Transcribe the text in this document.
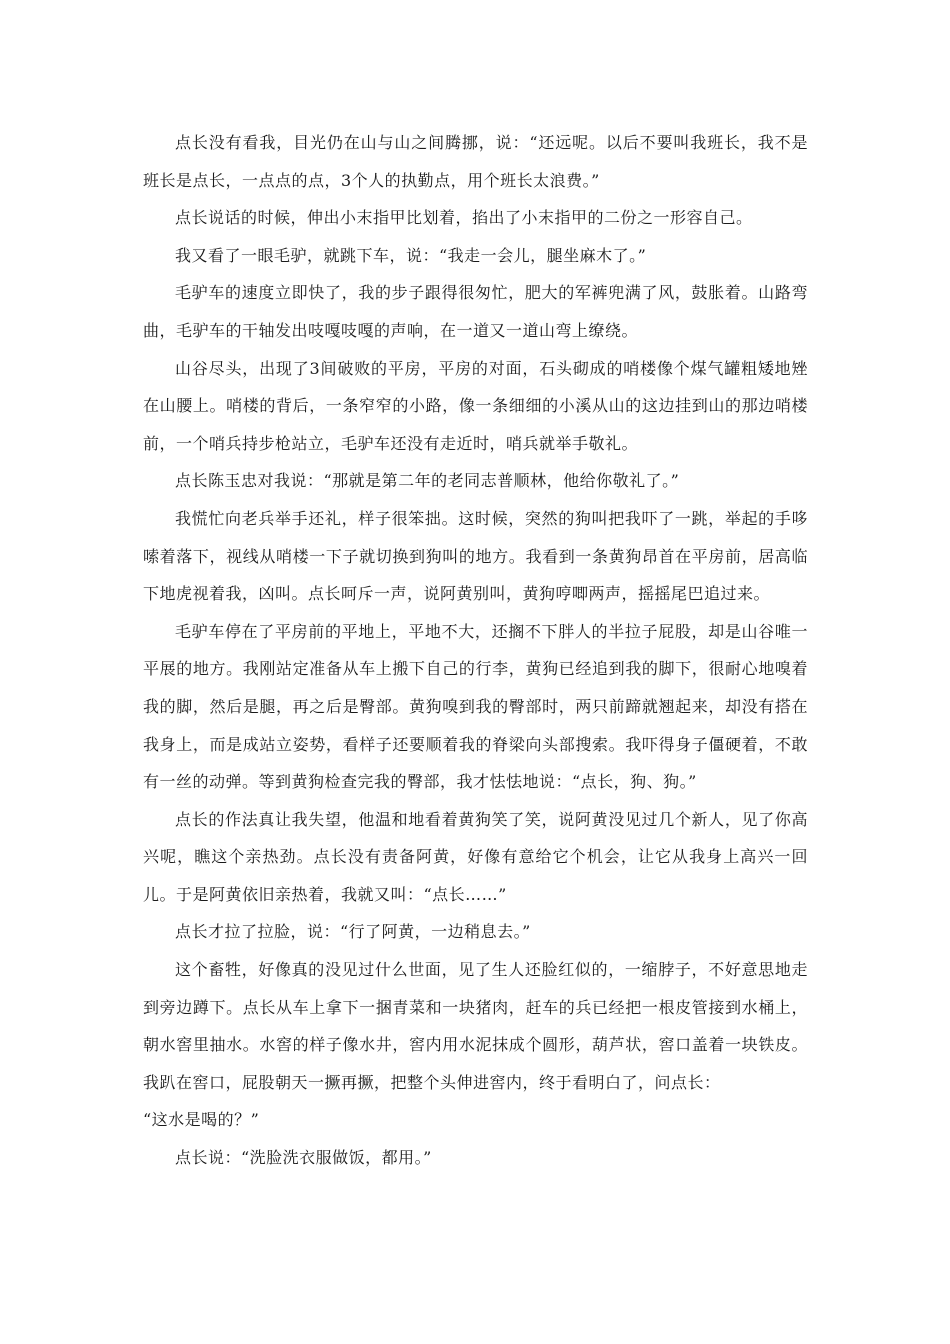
点长没有看我，目光仍在山与山之间腾挪，说：“还远呢。以后不要叫我班长，我不是班长是点长，一点点的点，3个人的执勤点，用个班长太浪费。”

点长说话的时候，伸出小末指甲比划着，掐出了小末指甲的二份之一形容自己。

我又看了一眼毛驴，就跳下车，说：“我走一会儿，腿坐麻木了。”

毛驴车的速度立即快了，我的步子跟得很匆忙，肥大的军裤兜满了风，鼓胀着。山路弯曲，毛驴车的干轴发出吱嘎吱嘎的声响，在一道又一道山弯上缭绕。

山谷尽头，出现了3间破败的平房，平房的对面，石头砌成的哨楼像个煤气罐粗矮地矬在山腰上。哨楼的背后，一条窄窄的小路，像一条细细的小溪从山的这边挂到山的那边哨楼前，一个哨兵持步枪站立，毛驴车还没有走近时，哨兵就举手敬礼。

点长陈玉忠对我说：“那就是第二年的老同志普顺林，他给你敬礼了。”

我慌忙向老兵举手还礼，样子很笨拙。这时候，突然的狗叫把我吓了一跳，举起的手哆嗦着落下，视线从哨楼一下子就切换到狗叫的地方。我看到一条黄狗昂首在平房前，居高临下地虎视着我，凶叫。点长呵斥一声，说阿黄别叫，黄狗哼唧两声，摇摇尾巴追过来。

毛驴车停在了平房前的平地上，平地不大，还搁不下胖人的半拉子屁股，却是山谷唯一平展的地方。我刚站定准备从车上搬下自己的行李，黄狗已经追到我的脚下，很耐心地嗅着我的脚，然后是腿，再之后是臀部。黄狗嗅到我的臀部时，两只前蹄就翘起来，却没有搭在我身上，而是成站立姿势，看样子还要顺着我的脊梁向头部搜索。我吓得身子僵硬着，不敢有一丝的动弹。等到黄狗检查完我的臀部，我才怯怯地说：“点长，狗、狗。”

点长的作法真让我失望，他温和地看着黄狗笑了笑，说阿黄没见过几个新人，见了你高兴呢，瞧这个亲热劲。点长没有责备阿黄，好像有意给它个机会，让它从我身上高兴一回儿。于是阿黄依旧亲热着，我就又叫：“点长……”

点长才拉了拉脸，说：“行了阿黄，一边稍息去。”

这个畜牲，好像真的没见过什么世面，见了生人还脸红似的，一缩脖子，不好意思地走到旁边蹲下。点长从车上拿下一捆青菜和一块猪肉，赶车的兵已经把一根皮管接到水桶上，朝水窖里抽水。水窖的样子像水井，窖内用水泥抹成个圆形，葫芦状，窖口盖着一块铁皮。我趴在窖口，屁股朝天一撅再撅，把整个头伸进窖内，终于看明白了，问点长：

“这水是喝的？”

点长说：“洗脸洗衣服做饭，都用。”
